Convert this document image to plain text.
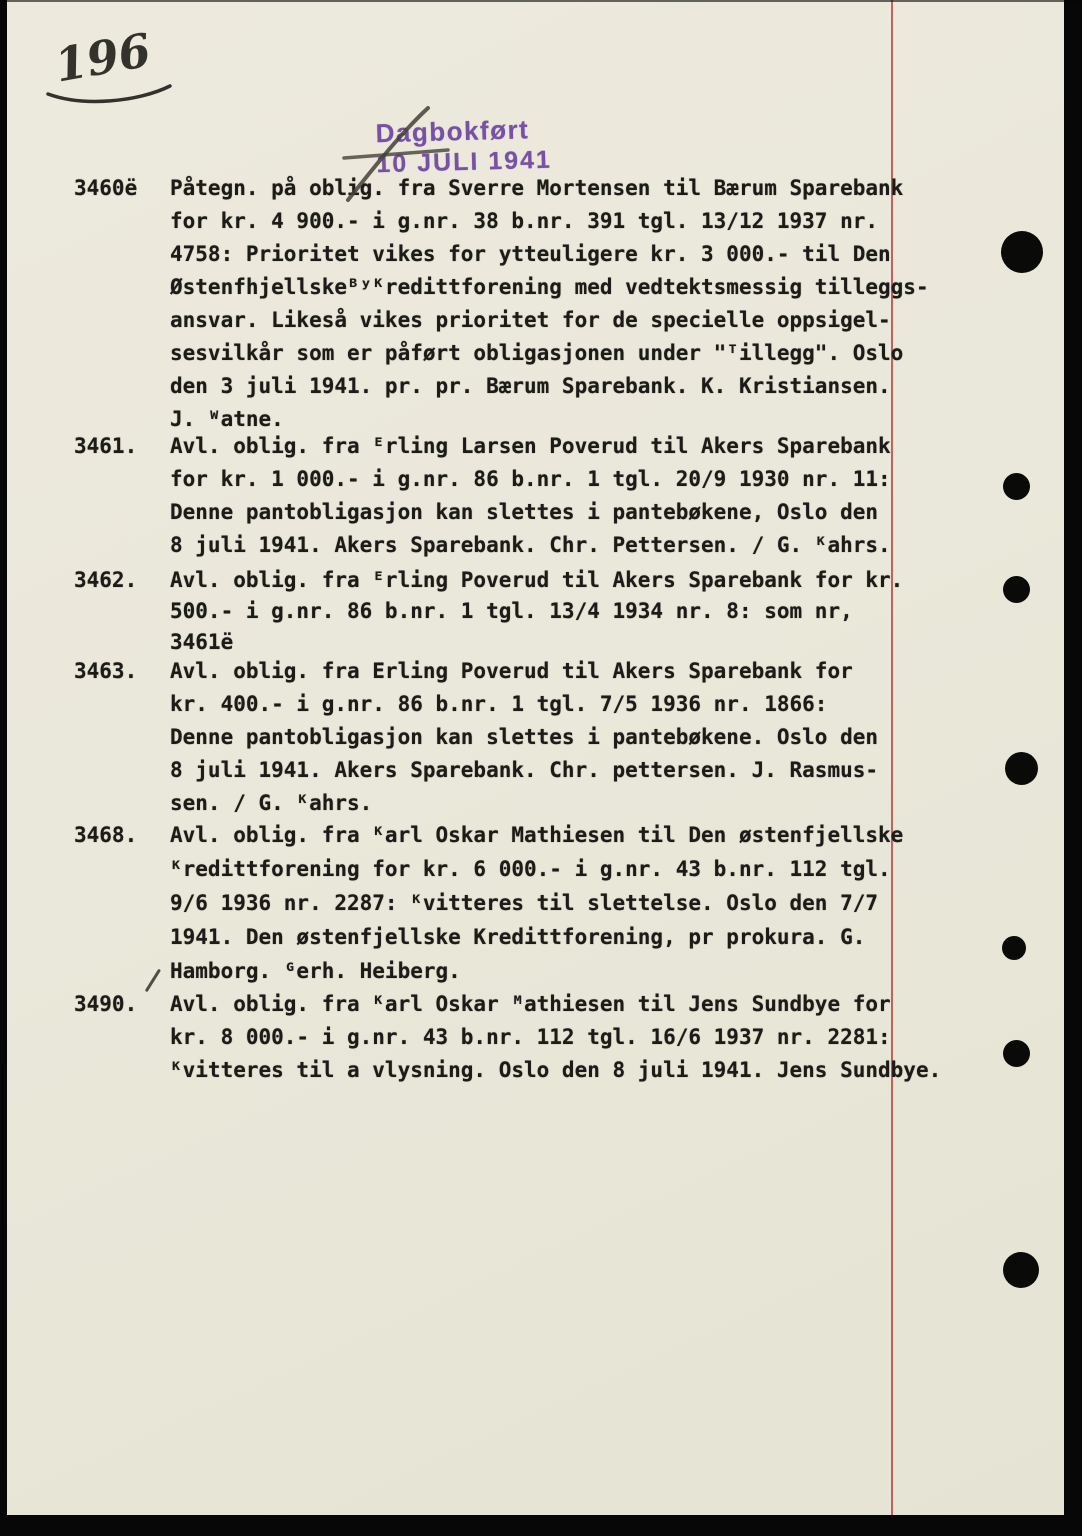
196
Dagbokført
10 JULI 1941
3460ë	Påtegn. på oblig. fra Sverre Mortensen til Bærum Sparebank
for kr. 4 900.- i g.nr. 38 b.nr. 391 tgl. 13/12 1937 nr.
4758: Prioritet vikes for ytteuligere kr. 3 000.- til Den
Østenfhjellskeᴮʸᴷredittforening med vedtektsmessig tilleggs-
ansvar. Likeså vikes prioritet for de specielle oppsigel-
sesvilkår som er påført obligasjonen under "ᵀillegg". Oslo
den 3 juli 1941. pr. pr. Bærum Sparebank. K. Kristiansen.
J. ᵂatne.
3461.	Avl. oblig. fra ᴱrling Larsen Poverud til Akers Sparebank
for kr. 1 000.- i g.nr. 86 b.nr. 1 tgl. 20/9 1930 nr. 11:
Denne pantobligasjon kan slettes i pantebøkene, Oslo den
8 juli 1941. Akers Sparebank. Chr. Pettersen. / G. ᴷahrs.
3462.	Avl. oblig. fra ᴱrling Poverud til Akers Sparebank for kr.
500.- i g.nr. 86 b.nr. 1 tgl. 13/4 1934 nr. 8: som nr,
3461ë
3463.	Avl. oblig. fra Erling Poverud til Akers Sparebank for
kr. 400.- i g.nr. 86 b.nr. 1 tgl. 7/5 1936 nr. 1866:
Denne pantobligasjon kan slettes i pantebøkene. Oslo den
8 juli 1941. Akers Sparebank. Chr. pettersen. J. Rasmus-
sen. / G. ᴷahrs.
3468.	Avl. oblig. fra ᴷarl Oskar Mathiesen til Den østenfjellske
ᴷredittforening for kr. 6 000.- i g.nr. 43 b.nr. 112 tgl.
9/6 1936 nr. 2287: ᴷvitteres til slettelse. Oslo den 7/7
1941. Den østenfjellske Kredittforening, pr prokura. G.
Hamborg. ᴳerh. Heiberg.
3490.	Avl. oblig. fra ᴷarl Oskar ᴹathiesen til Jens Sundbye for
kr. 8 000.- i g.nr. 43 b.nr. 112 tgl. 16/6 1937 nr. 2281:
ᴷvitteres til a vlysning. Oslo den 8 juli 1941. Jens Sundbye.
